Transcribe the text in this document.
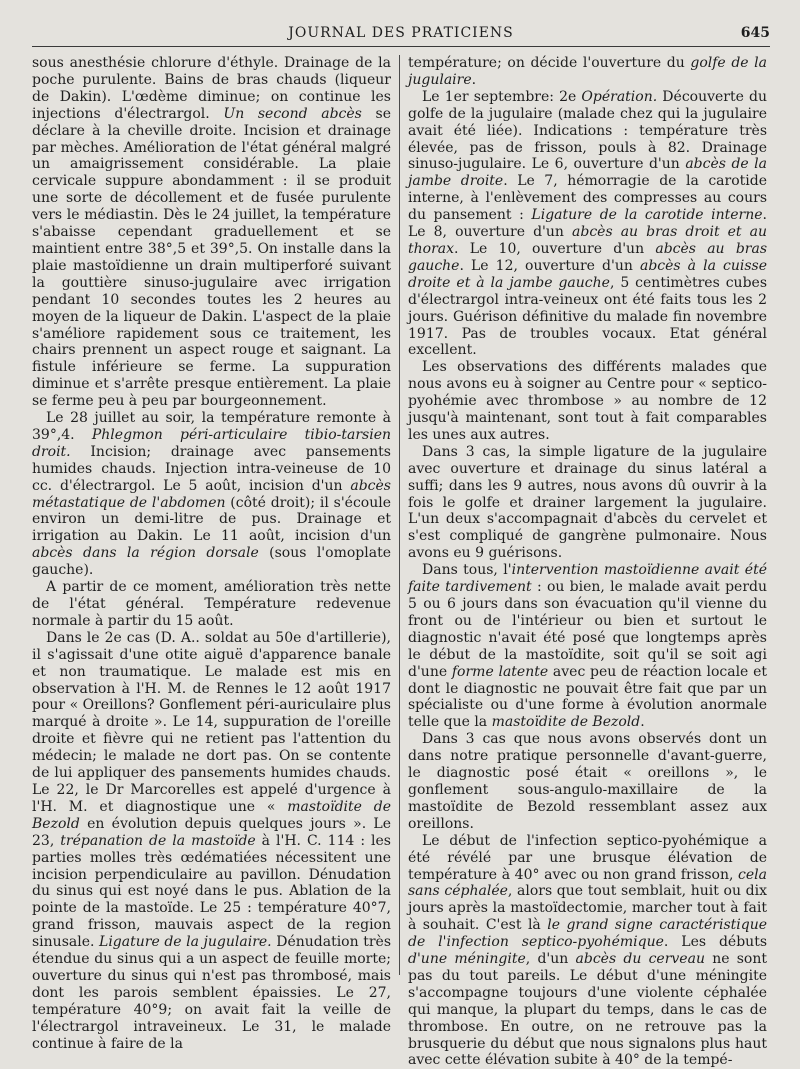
JOURNAL DES PRATICIENS	645

sous anesthésie chlorure d'éthyle. Drainage de la poche purulente. Bains de bras chauds (liqueur de Dakin). L'œdème diminue; on continue les injections d'électrargol. Un second abcès se déclare à la cheville droite. Incision et drainage par mèches. Amélioration de l'état général malgré un amaigrissement considérable. La plaie cervicale suppure abondamment : il se produit une sorte de décollement et de fusée purulente vers le médiastin. Dès le 24 juillet, la température s'abaisse cependant graduellement et se maintient entre 38°,5 et 39°,5. On installe dans la plaie mastoïdienne un drain multiperforé suivant la gouttière sinuso-jugulaire avec irrigation pendant 10 secondes toutes les 2 heures au moyen de la liqueur de Dakin. L'aspect de la plaie s'améliore rapidement sous ce traitement, les chairs prennent un aspect rouge et saignant. La fistule inférieure se ferme. La suppuration diminue et s'arrête presque entièrement. La plaie se ferme peu à peu par bourgeonnement.

Le 28 juillet au soir, la température remonte à 39°,4. Phlegmon péri-articulaire tibio-tarsien droit. Incision; drainage avec pansements humides chauds. Injection intra-veineuse de 10 cc. d'électrargol. Le 5 août, incision d'un abcès métastatique de l'abdomen (côté droit); il s'écoule environ un demi-litre de pus. Drainage et irrigation au Dakin. Le 11 août, incision d'un abcès dans la région dorsale (sous l'omoplate gauche).

A partir de ce moment, amélioration très nette de l'état général. Température redevenue normale à partir du 15 août.

Dans le 2e cas (D. A.. soldat au 50e d'artillerie), il s'agissait d'une otite aiguë d'apparence banale et non traumatique. Le malade est mis en observation à l'H. M. de Rennes le 12 août 1917 pour « Oreillons? Gonflement péri-auriculaire plus marqué à droite ». Le 14, suppuration de l'oreille droite et fièvre qui ne retient pas l'attention du médecin; le malade ne dort pas. On se contente de lui appliquer des pansements humides chauds. Le 22, le Dr Marcorelles est appelé d'urgence à l'H. M. et diagnostique une « mastoïdite de Bezold en évolution depuis quelques jours ». Le 23, trépanation de la mastoïde à l'H. C. 114 : les parties molles très œdématiées nécessitent une incision perpendiculaire au pavillon. Dénudation du sinus qui est noyé dans le pus. Ablation de la pointe de la mastoïde. Le 25 : température 40°7, grand frisson, mauvais aspect de la region sinusale. Ligature de la jugulaire. Dénudation très étendue du sinus qui a un aspect de feuille morte; ouverture du sinus qui n'est pas thrombosé, mais dont les parois semblent épaissies. Le 27, température 40°9; on avait fait la veille de l'électrargol intraveineux. Le 31, le malade continue à faire de la

température; on décide l'ouverture du golfe de la jugulaire.

Le 1er septembre: 2e Opération. Découverte du golfe de la jugulaire (malade chez qui la jugulaire avait été liée). Indications : température très élevée, pas de frisson, pouls à 82. Drainage sinuso-jugulaire. Le 6, ouverture d'un abcès de la jambe droite. Le 7, hémorragie de la carotide interne, à l'enlèvement des compresses au cours du pansement : Ligature de la carotide interne. Le 8, ouverture d'un abcès au bras droit et au thorax. Le 10, ouverture d'un abcès au bras gauche. Le 12, ouverture d'un abcès à la cuisse droite et à la jambe gauche, 5 centimètres cubes d'électrargol intra-veineux ont été faits tous les 2 jours. Guérison définitive du malade fin novembre 1917. Pas de troubles vocaux. Etat général excellent.

Les observations des différents malades que nous avons eu à soigner au Centre pour « septico-pyohémie avec thrombose » au nombre de 12 jusqu'à maintenant, sont tout à fait comparables les unes aux autres.

Dans 3 cas, la simple ligature de la jugulaire avec ouverture et drainage du sinus latéral a suffi; dans les 9 autres, nous avons dû ouvrir à la fois le golfe et drainer largement la jugulaire. L'un deux s'accompagnait d'abcès du cervelet et s'est compliqué de gangrène pulmonaire. Nous avons eu 9 guérisons.

Dans tous, l'intervention mastoïdienne avait été faite tardivement : ou bien, le malade avait perdu 5 ou 6 jours dans son évacuation qu'il vienne du front ou de l'intérieur ou bien et surtout le diagnostic n'avait été posé que longtemps après le début de la mastoïdite, soit qu'il se soit agi d'une forme latente avec peu de réaction locale et dont le diagnostic ne pouvait être fait que par un spécialiste ou d'une forme à évolution anormale telle que la mastoïdite de Bezold.

Dans 3 cas que nous avons observés dont un dans notre pratique personnelle d'avant-guerre, le diagnostic posé était « oreillons », le gonflement sous-angulo-maxillaire de la mastoïdite de Bezold ressemblant assez aux oreillons.

Le début de l'infection septico-pyohémique a été révélé par une brusque élévation de température à 40° avec ou non grand frisson, cela sans céphalée, alors que tout semblait, huit ou dix jours après la mastoïdectomie, marcher tout à fait à souhait. C'est là le grand signe caractéristique de l'infection septico-pyohémique. Les débuts d'une méningite, d'un abcès du cerveau ne sont pas du tout pareils. Le début d'une méningite s'accompagne toujours d'une violente céphalée qui manque, la plupart du temps, dans le cas de thrombose. En outre, on ne retrouve pas la brusquerie du début que nous signalons plus haut avec cette élévation subite à 40° de la tempé-
